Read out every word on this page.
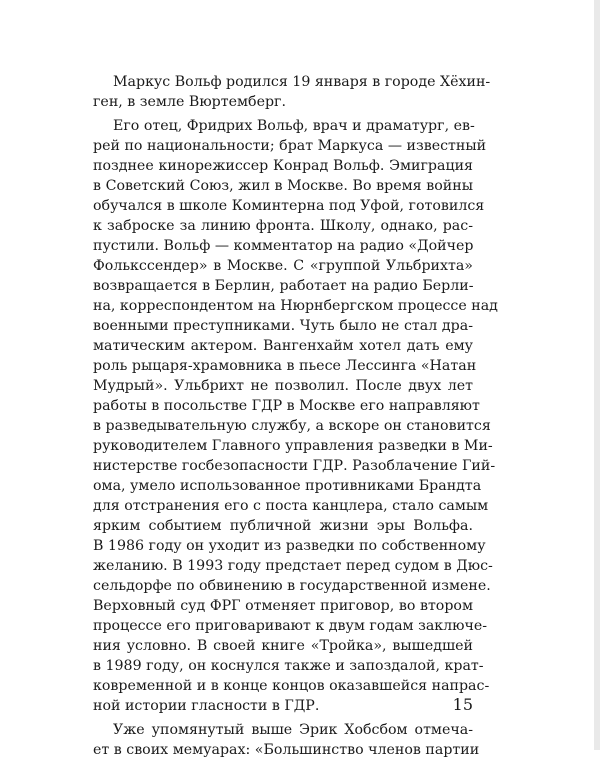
Маркус Вольф родился 19 января в городе Хёхин-
ген, в земле Вюртемберг.
Его отец, Фридрих Вольф, врач и драматург, ев-
рей по национальности; брат Маркуса — известный
позднее кинорежиссер Конрад Вольф. Эмиграция
в Советский Союз, жил в Москве. Во время войны
обучался в школе Коминтерна под Уфой, готовился
к заброске за линию фронта. Школу, однако, рас-
пустили. Вольф — комментатор на радио «Дойчер
Фолькссендер» в Москве. С «группой Ульбрихта»
возвращается в Берлин, работает на радио Берли-
на, корреспондентом на Нюрнбергском процессе над
военными преступниками. Чуть было не стал дра-
матическим актером. Вангенхайм хотел дать ему
роль рыцаря-храмовника в пьесе Лессинга «Натан
Мудрый». Ульбрихт не позволил. После двух лет
работы в посольстве ГДР в Москве его направляют
в разведывательную службу, а вскоре он становится
руководителем Главного управления разведки в Ми-
нистерстве госбезопасности ГДР. Разоблачение Гий-
ома, умело использованное противниками Брандта
для отстранения его с поста канцлера, стало самым
ярким событием публичной жизни эры Вольфа.
В 1986 году он уходит из разведки по собственному
желанию. В 1993 году предстает перед судом в Дюс-
сельдорфе по обвинению в государственной измене.
Верховный суд ФРГ отменяет приговор, во втором
процессе его приговаривают к двум годам заключе-
ния условно. В своей книге «Тройка», вышедшей
в 1989 году, он коснулся также и запоздалой, крат-
ковременной и в конце концов оказавшейся напрас-
ной истории гласности в ГДР.
Уже упомянутый выше Эрик Хобсбом отмеча-
ет в своих мемуарах: «Большинство членов партии
15
